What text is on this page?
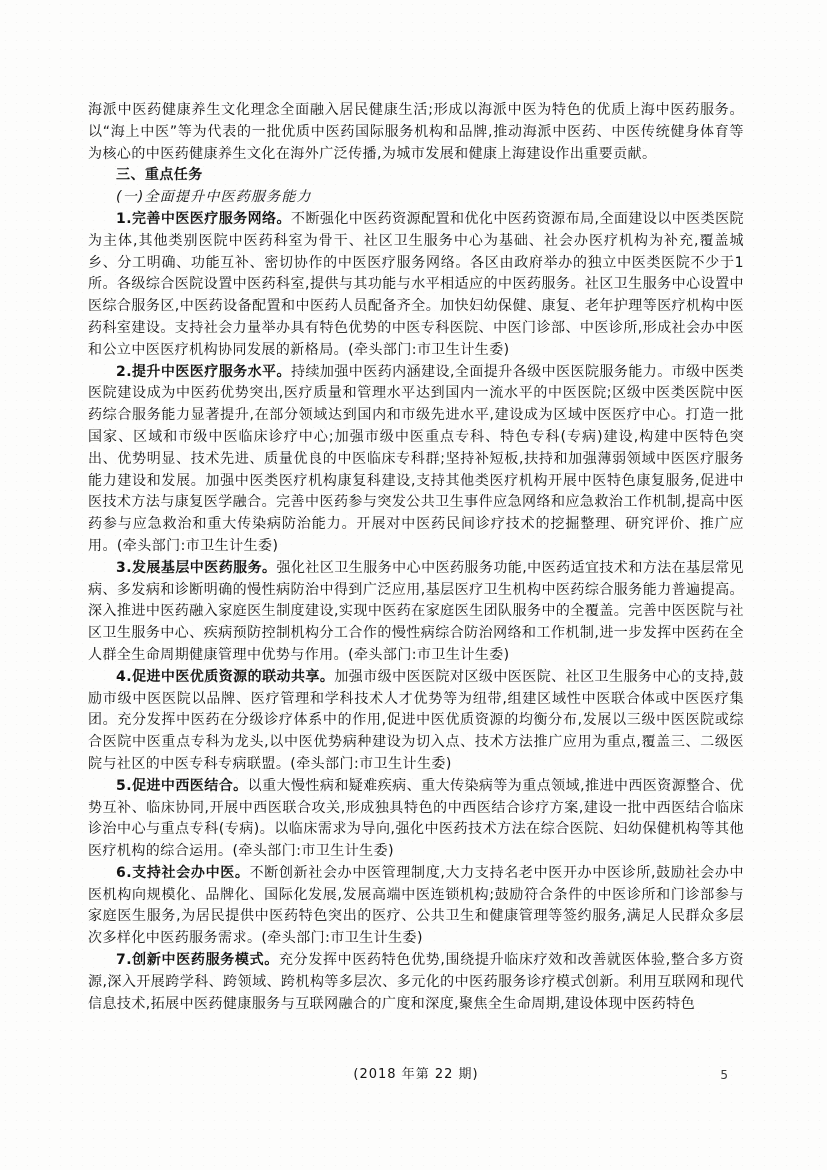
海派中医药健康养生文化理念全面融入居民健康生活;形成以海派中医为特色的优质上海中医药服务。以“海上中医”等为代表的一批优质中医药国际服务机构和品牌,推动海派中医药、中医传统健身体育等为核心的中医药健康养生文化在海外广泛传播,为城市发展和健康上海建设作出重要贡献。

三、重点任务

(一)全面提升中医药服务能力

1.完善中医医疗服务网络。不断强化中医药资源配置和优化中医药资源布局,全面建设以中医类医院为主体,其他类别医院中医药科室为骨干、社区卫生服务中心为基础、社会办医疗机构为补充,覆盖城乡、分工明确、功能互补、密切协作的中医医疗服务网络。各区由政府举办的独立中医类医院不少于1所。各级综合医院设置中医药科室,提供与其功能与水平相适应的中医药服务。社区卫生服务中心设置中医综合服务区,中医药设备配置和中医药人员配备齐全。加快妇幼保健、康复、老年护理等医疗机构中医药科室建设。支持社会力量举办具有特色优势的中医专科医院、中医门诊部、中医诊所,形成社会办中医和公立中医医疗机构协同发展的新格局。(牵头部门:市卫生计生委)

2.提升中医医疗服务水平。持续加强中医药内涵建设,全面提升各级中医医院服务能力。市级中医类医院建设成为中医药优势突出,医疗质量和管理水平达到国内一流水平的中医医院;区级中医类医院中医药综合服务能力显著提升,在部分领域达到国内和市级先进水平,建设成为区域中医医疗中心。打造一批国家、区域和市级中医临床诊疗中心;加强市级中医重点专科、特色专科(专病)建设,构建中医特色突出、优势明显、技术先进、质量优良的中医临床专科群;坚持补短板,扶持和加强薄弱领域中医医疗服务能力建设和发展。加强中医类医疗机构康复科建设,支持其他类医疗机构开展中医特色康复服务,促进中医技术方法与康复医学融合。完善中医药参与突发公共卫生事件应急网络和应急救治工作机制,提高中医药参与应急救治和重大传染病防治能力。开展对中医药民间诊疗技术的挖掘整理、研究评价、推广应用。(牵头部门:市卫生计生委)

3.发展基层中医药服务。强化社区卫生服务中心中医药服务功能,中医药适宜技术和方法在基层常见病、多发病和诊断明确的慢性病防治中得到广泛应用,基层医疗卫生机构中医药综合服务能力普遍提高。深入推进中医药融入家庭医生制度建设,实现中医药在家庭医生团队服务中的全覆盖。完善中医医院与社区卫生服务中心、疾病预防控制机构分工合作的慢性病综合防治网络和工作机制,进一步发挥中医药在全人群全生命周期健康管理中优势与作用。(牵头部门:市卫生计生委)

4.促进中医优质资源的联动共享。加强市级中医医院对区级中医医院、社区卫生服务中心的支持,鼓励市级中医医院以品牌、医疗管理和学科技术人才优势等为纽带,组建区域性中医联合体或中医医疗集团。充分发挥中医药在分级诊疗体系中的作用,促进中医优质资源的均衡分布,发展以三级中医医院或综合医院中医重点专科为龙头,以中医优势病种建设为切入点、技术方法推广应用为重点,覆盖三、二级医院与社区的中医专科专病联盟。(牵头部门:市卫生计生委)

5.促进中西医结合。以重大慢性病和疑难疾病、重大传染病等为重点领域,推进中西医资源整合、优势互补、临床协同,开展中西医联合攻关,形成独具特色的中西医结合诊疗方案,建设一批中西医结合临床诊治中心与重点专科(专病)。以临床需求为导向,强化中医药技术方法在综合医院、妇幼保健机构等其他医疗机构的综合运用。(牵头部门:市卫生计生委)

6.支持社会办中医。不断创新社会办中医管理制度,大力支持名老中医开办中医诊所,鼓励社会办中医机构向规模化、品牌化、国际化发展,发展高端中医连锁机构;鼓励符合条件的中医诊所和门诊部参与家庭医生服务,为居民提供中医药特色突出的医疗、公共卫生和健康管理等签约服务,满足人民群众多层次多样化中医药服务需求。(牵头部门:市卫生计生委)

7.创新中医药服务模式。充分发挥中医药特色优势,围绕提升临床疗效和改善就医体验,整合多方资源,深入开展跨学科、跨领域、跨机构等多层次、多元化的中医药服务诊疗模式创新。利用互联网和现代信息技术,拓展中医药健康服务与互联网融合的广度和深度,聚焦全生命周期,建设体现中医药特色

(2018 年第 22 期)	5
